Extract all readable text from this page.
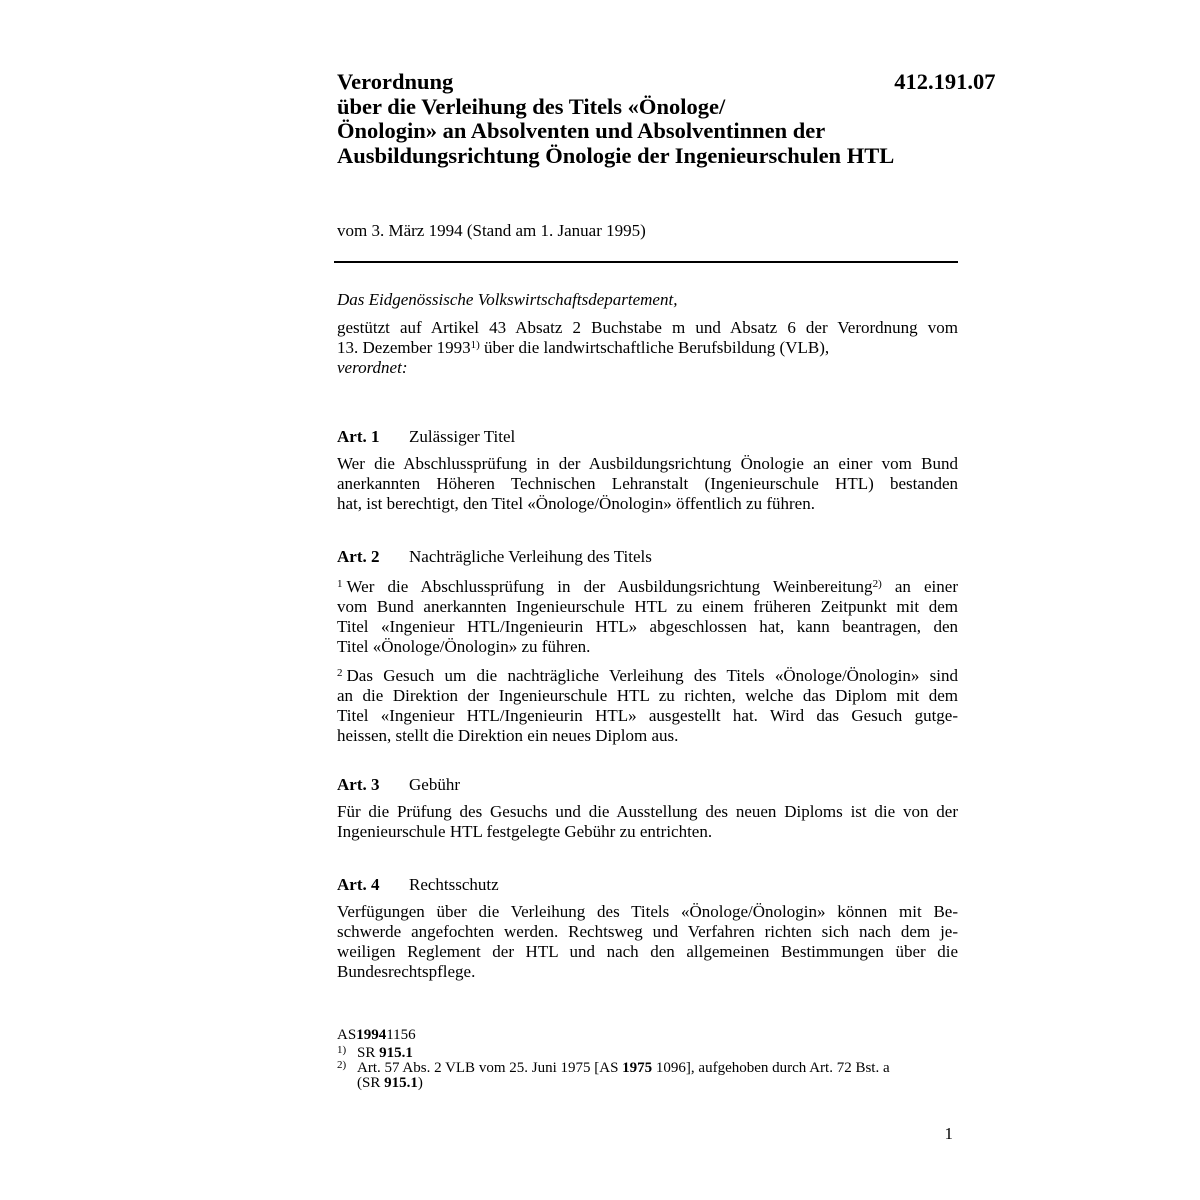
Verordnung
über die Verleihung des Titels «Önologe/
Önologin» an Absolventen und Absolventinnen der
Ausbildungsrichtung Önologie der Ingenieurschulen HTL
412.191.07
vom 3. März 1994 (Stand am 1. Januar 1995)

Das Eidgenössische Volkswirtschaftsdepartement,

gestützt auf Artikel 43 Absatz 2 Buchstabe m und Absatz 6 der Verordnung vom
13. Dezember 1993$^{1)}$ über die landwirtschaftliche Berufsbildung (VLB),

verordnet:

Art. 1 Zulässiger Titel

Wer die Abschlussprüfung in der Ausbildungsrichtung Önologie an einer vom Bund
anerkannten Höheren Technischen Lehranstalt (Ingenieurschule HTL) bestanden
hat, ist berechtigt, den Titel «Önologe/Önologin» öffentlich zu führen.

Art. 2 Nachträgliche Verleihung des Titels

$^1$ Wer die Abschlussprüfung in der Ausbildungsrichtung Weinbereitung$^{2)}$ an einer
vom Bund anerkannten Ingenieurschule HTL zu einem früheren Zeitpunkt mit dem
Titel «Ingenieur HTL/Ingenieurin HTL» abgeschlossen hat, kann beantragen, den
Titel «Önologe/Önologin» zu führen.

$^2$ Das Gesuch um die nachträgliche Verleihung des Titels «Önologe/Önologin» sind
an die Direktion der Ingenieurschule HTL zu richten, welche das Diplom mit dem
Titel «Ingenieur HTL/Ingenieurin HTL» ausgestellt hat. Wird das Gesuch gutge-
heissen, stellt die Direktion ein neues Diplom aus.

Art. 3 Gebühr

Für die Prüfung des Gesuchs und die Ausstellung des neuen Diploms ist die von der
Ingenieurschule HTL festgelegte Gebühr zu entrichten.

Art. 4 Rechtsschutz

Verfügungen über die Verleihung des Titels «Önologe/Önologin» können mit Be-
schwerde angefochten werden. Rechtsweg und Verfahren richten sich nach dem je-
weiligen Reglement der HTL und nach den allgemeinen Bestimmungen über die
Bundesrechtspflege.

AS 1994 1156
1) SR 915.1
2) Art. 57 Abs. 2 VLB vom 25. Juni 1975 [AS 1975 1096], aufgehoben durch Art. 72 Bst. a
(SR 915.1)
1
